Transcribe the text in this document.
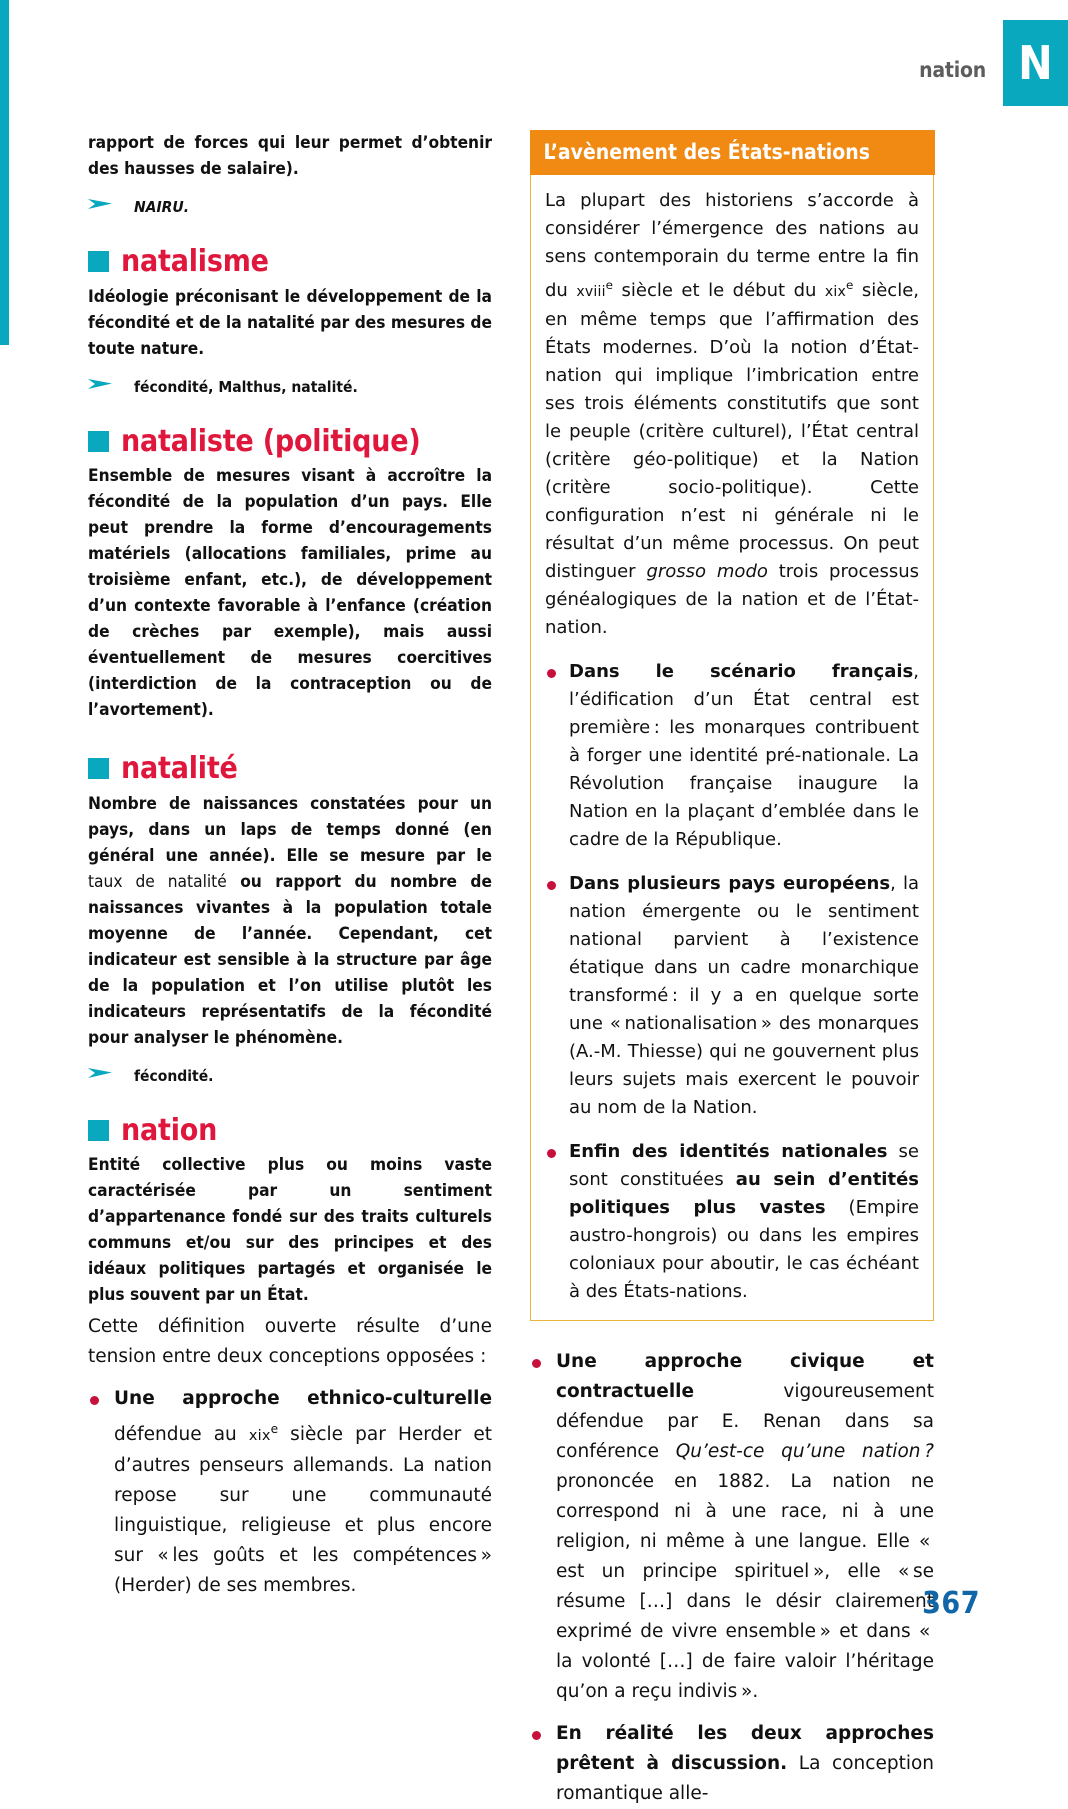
nation N

rapport de forces qui leur permet d’obtenir des hausses de salaire).

NAIRU.
natalisme

Idéologie préconisant le développement de la fécondité et de la natalité par des mesures de toute nature.

fécondité, Malthus, natalité.
nataliste (politique)

Ensemble de mesures visant à accroître la fécondité de la population d’un pays. Elle peut prendre la forme d’encouragements matériels (allocations familiales, prime au troisième enfant, etc.), de développement d’un contexte favorable à l’enfance (création de crèches par exemple), mais aussi éventuellement de mesures coercitives (interdiction de la contraception ou de l’avortement).

natalité

Nombre de naissances constatées pour un pays, dans un laps de temps donné (en général une année). Elle se mesure par le taux de natalité ou rapport du nombre de naissances vivantes à la population totale moyenne de l’année. Cependant, cet indicateur est sensible à la structure par âge de la population et l’on utilise plutôt les indicateurs représentatifs de la fécondité pour analyser le phénomène.

fécondité.
nation

Entité collective plus ou moins vaste caractérisée par un sentiment d’appartenance fondé sur des traits culturels communs et/ou sur des principes et des idéaux politiques partagés et organisée le plus souvent par un État.

Cette définition ouverte résulte d’une tension entre deux conceptions opposées :

Une approche ethnico-culturelle défendue au xix$^e$ siècle par Herder et d’autres penseurs allemands. La nation repose sur une communauté linguistique, religieuse et plus encore sur « les goûts et les compétences » (Herder) de ses membres.
L’avènement des États-nations

La plupart des historiens s’accorde à considérer l’émergence des nations au sens contemporain du terme entre la fin du xviii$^e$ siècle et le début du xix$^e$ siècle, en même temps que l’affirmation des États modernes. D’où la notion d’État-nation qui implique l’imbrication entre ses trois éléments constitutifs que sont le peuple (critère culturel), l’État central (critère géo-politique) et la Nation (critère socio-politique). Cette configuration n’est ni générale ni le résultat d’un même processus. On peut distinguer grosso modo trois processus généalogiques de la nation et de l’État-nation.

Dans le scénario français, l’édification d’un État central est première : les monarques contribuent à forger une identité pré-nationale. La Révolution française inaugure la Nation en la plaçant d’emblée dans le cadre de la République.
Dans plusieurs pays européens, la nation émergente ou le sentiment national parvient à l’existence étatique dans un cadre monarchique transformé : il y a en quelque sorte une « nationalisation » des monarques (A.-M. Thiesse) qui ne gouvernent plus leurs sujets mais exercent le pouvoir au nom de la Nation.
Enfin des identités nationales se sont constituées au sein d’entités politiques plus vastes (Empire austro-hongrois) ou dans les empires coloniaux pour aboutir, le cas échéant à des États-nations.
Une approche civique et contractuelle vigoureusement défendue par E. Renan dans sa conférence Qu’est-ce qu’une nation ? prononcée en 1882. La nation ne correspond ni à une race, ni à une religion, ni même à une langue. Elle « est un principe spirituel », elle « se résume […] dans le désir clairement exprimé de vivre ensemble » et dans « la volonté […] de faire valoir l’héritage qu’on a reçu indivis ».
En réalité les deux approches prêtent à discussion. La conception romantique alle-
367
